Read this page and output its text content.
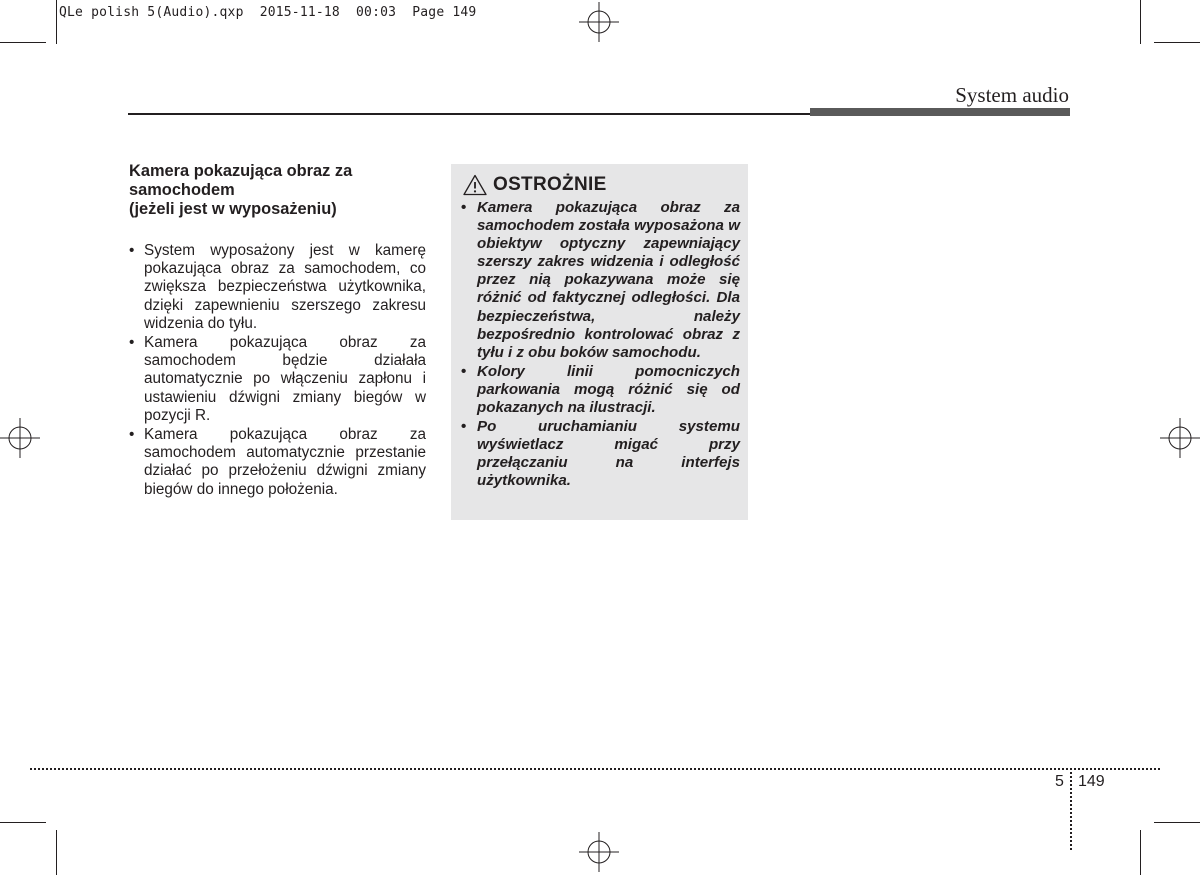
QLe polish 5(Audio).qxp 2015-11-18 00:03 Page 149
System audio
Kamera pokazująca obraz za
samochodem
(jeżeli jest w wyposażeniu)
• System wyposażony jest w kamerę pokazująca obraz za samochodem, co zwiększa bezpieczeństwa użytkownika, dzięki zapewnieniu szerszego zakresu widzenia do tyłu.
• Kamera pokazująca obraz za samochodem będzie działała automatycznie po włączeniu zapłonu i ustawieniu dźwigni zmiany biegów w pozycji R.
• Kamera pokazująca obraz za samochodem automatycznie przestanie działać po przełożeniu dźwigni zmiany biegów do innego położenia.
OSTROŻNIE
• Kamera pokazująca obraz za samochodem została wyposażona w obiektyw optyczny zapewniający szerszy zakres widzenia i odległość przez nią pokazywana może się różnić od faktycznej odległości. Dla bezpieczeństwa, należy bezpośrednio kontrolować obraz z tyłu i z obu boków samochodu.
• Kolory linii pomocniczych parkowania mogą różnić się od pokazanych na ilustracji.
• Po uruchamianiu systemu wyświetlacz migać przy przełączaniu na interfejs użytkownika.
5 149
